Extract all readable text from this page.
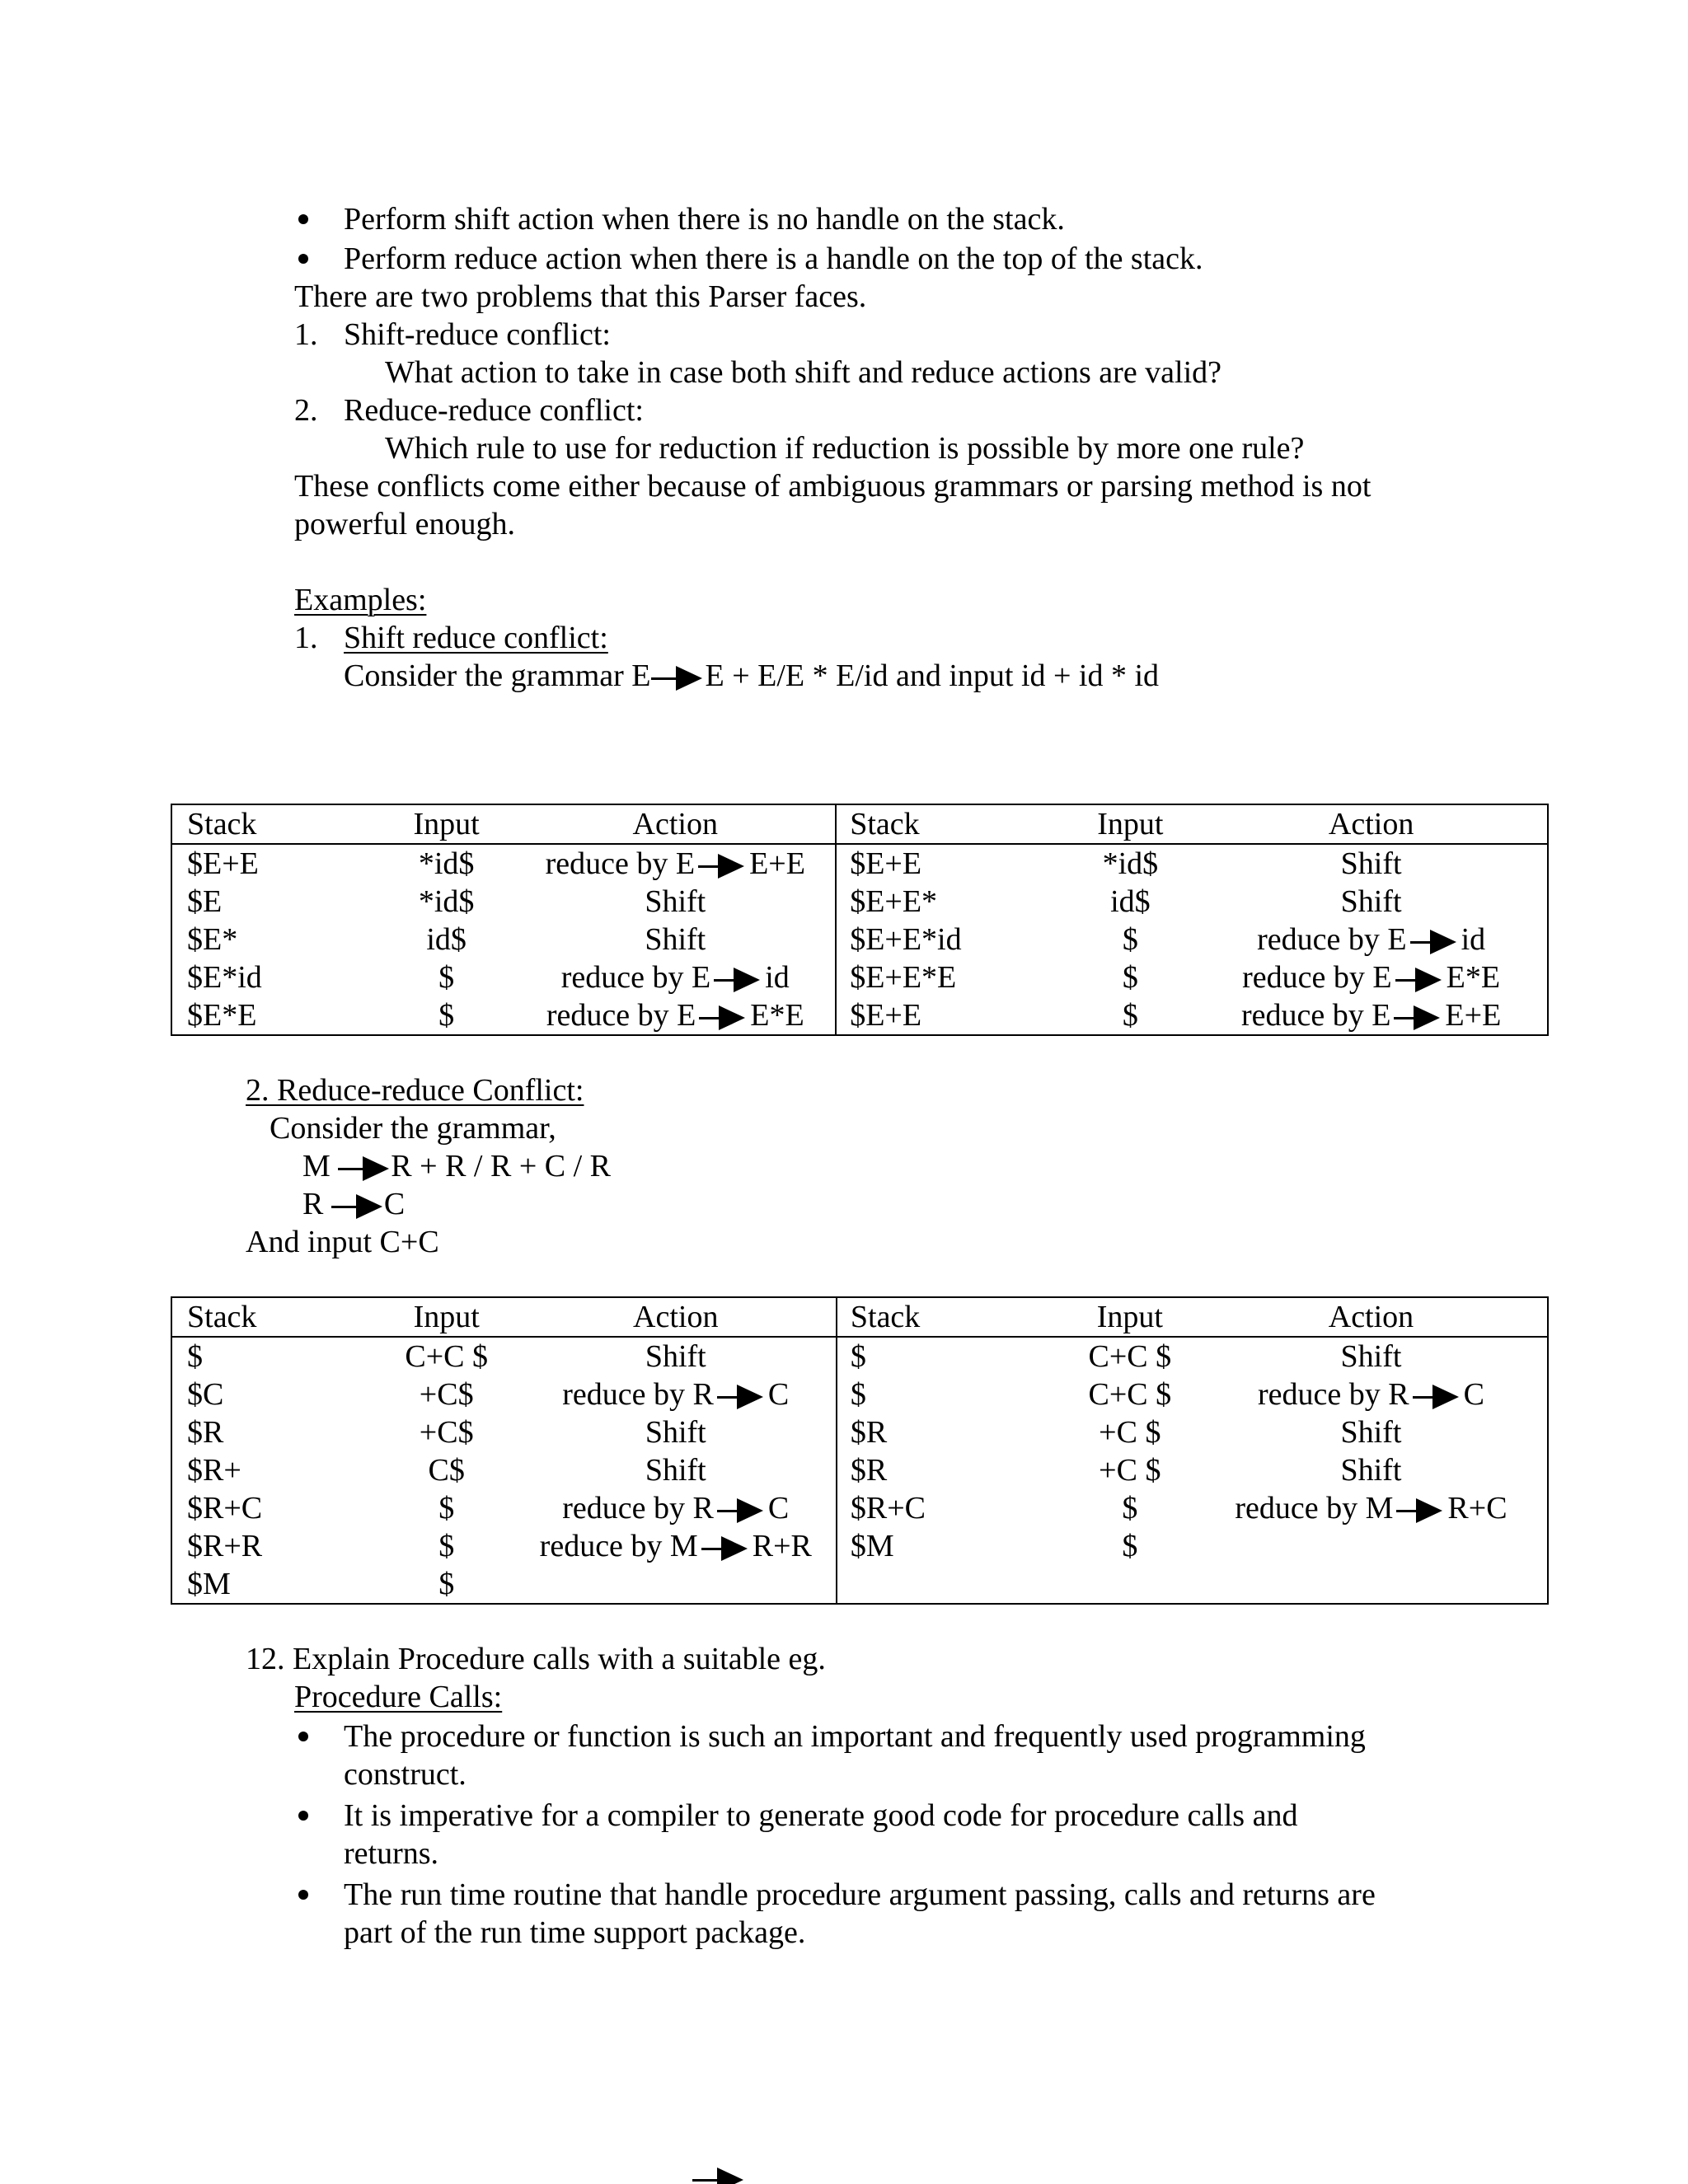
Perform shift action when there is no handle on the stack.
Perform reduce action when there is a handle on the top of the stack.
There are two problems that this Parser faces.
1. Shift-reduce conflict:
What action to take in case both shift and reduce actions are valid?
2. Reduce-reduce conflict:
Which rule to use for reduction if reduction is possible by more one rule?
These conflicts come either because of ambiguous grammars or parsing method is not
powerful enough.
Examples:
1. Shift reduce conflict:
Consider the grammar E E + E/E * E/id and input id + id * id
Stack	Input	Action	Stack	Input	Action
$E+E	*id$	reduce by E E+E	$E+E	*id$	Shift
$E	*id$	Shift	$E+E*	id$	Shift
$E*	id$	Shift	$E+E*id	$	reduce by E id
$E*id	$	reduce by E id	$E+E*E	$	reduce by E E*E
$E*E	$	reduce by E E*E	$E+E	$	reduce by E E+E
2. Reduce-reduce Conflict:
Consider the grammar,
M R + R / R + C / R
R C
And input C+C
Stack	Input	Action	Stack	Input	Action
$	C+C $	Shift	$	C+C $	Shift
$C	+C$	reduce by R C	$	C+C $	reduce by R C
$R	+C$	Shift	$R	+C $	Shift
$R+	C$	Shift	$R	+C $	Shift
$R+C	$	reduce by R C	$R+C	$	reduce by M R+C
$R+R	$	reduce by M R+R	$M	$	
$M	$				
12. Explain Procedure calls with a suitable eg.
Procedure Calls:
The procedure or function is such an important and frequently used programming
construct.
It is imperative for a compiler to generate good code for procedure calls and
returns.
The run time routine that handle procedure argument passing, calls and returns are
part of the run time support package.
